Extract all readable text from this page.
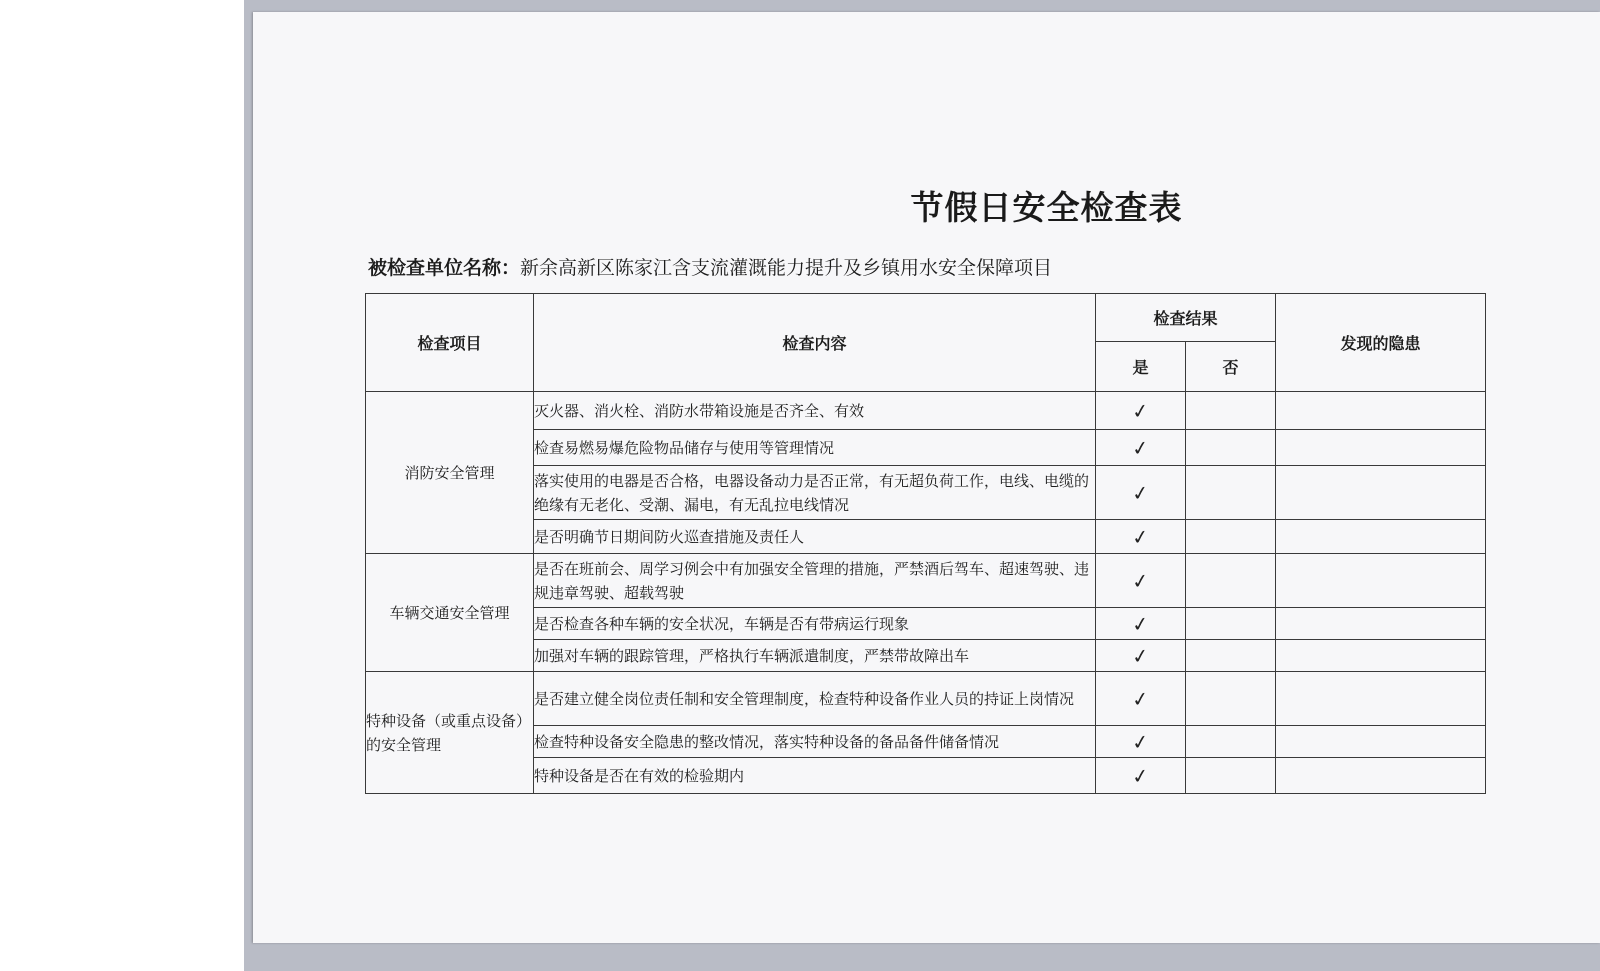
节假日安全检查表
被检查单位名称：新余高新区陈家江含支流灌溉能力提升及乡镇用水安全保障项目
检查项目	检查内容	检查结果		发现的隐患
		是	否	
消防安全管理	灭火器、消火栓、消防水带箱设施是否齐全、有效	✓		
	检查易燃易爆危险物品储存与使用等管理情况	✓		
	落实使用的电器是否合格，电器设备动力是否正常，有无超负荷工作，电线、电缆的绝缘有无老化、受潮、漏电，有无乱拉电线情况	✓		
	是否明确节日期间防火巡查措施及责任人	✓		
车辆交通安全管理	是否在班前会、周学习例会中有加强安全管理的措施，严禁酒后驾车、超速驾驶、违规违章驾驶、超载驾驶	✓		
	是否检查各种车辆的安全状况，车辆是否有带病运行现象	✓		
	加强对车辆的跟踪管理，严格执行车辆派遣制度，严禁带故障出车	✓		
特种设备（或重点设备）的安全管理	是否建立健全岗位责任制和安全管理制度，检查特种设备作业人员的持证上岗情况	✓		
	检查特种设备安全隐患的整改情况，落实特种设备的备品备件储备情况	✓		
	特种设备是否在有效的检验期内	✓		
